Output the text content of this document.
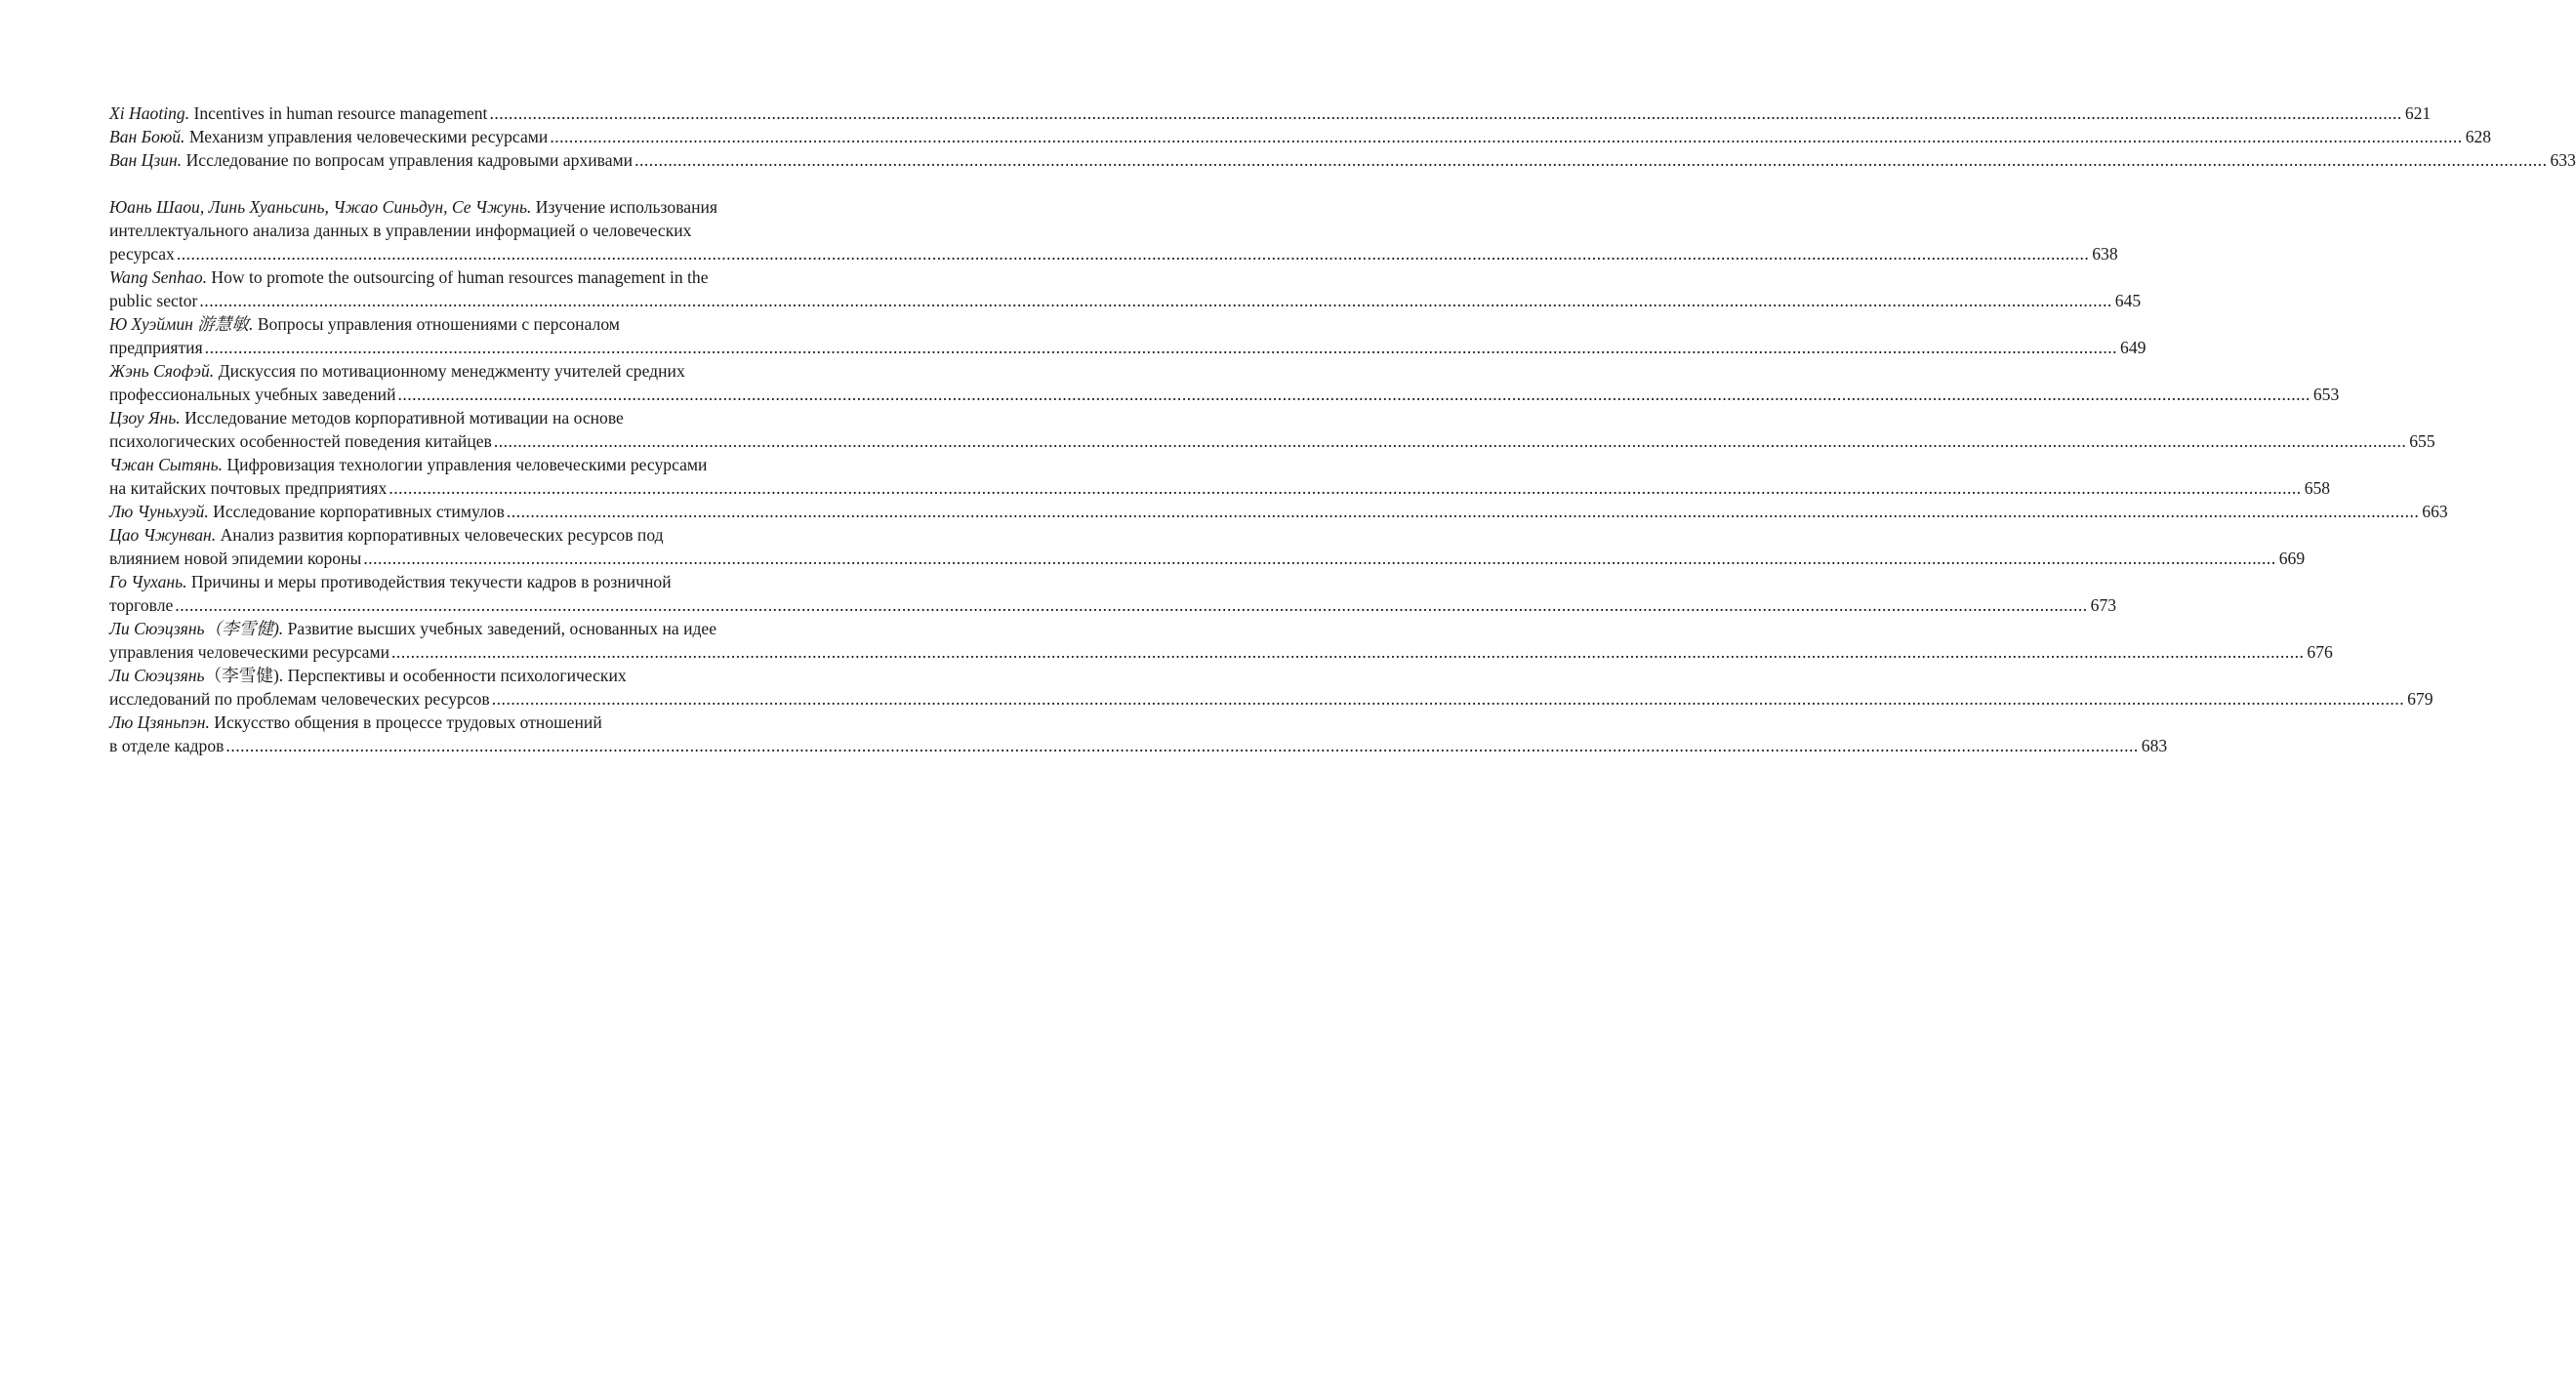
Xi Haoting. Incentives in human resource management ................................................................................................................................................................................................................................................................................................................................................................................................................ 621
Ван Боюй. Механизм управления человеческими ресурсами ................................................................................................................................................................................................................................................................................................................................................................................................................ 628
Ван Цзин. Исследование по вопросам управления кадровыми архивами ................................................................................................................................................................................................................................................................................................................................................................................................................ 633
Юань Шаои, Линь Хуаньсинь, Чжао Синьдун, Се Чжунь. Изучение использования
интеллектуального анализа данных в управлении информацией о человеческих
ресурсах ................................................................................................................................................................................................................................................................................................................................................................................................................ 638
Wang Senhao. How to promote the outsourcing of human resources management in the
public sector ................................................................................................................................................................................................................................................................................................................................................................................................................ 645
Ю Хуэймин 游慧敏. Вопросы управления отношениями с персоналом
предприятия ................................................................................................................................................................................................................................................................................................................................................................................................................ 649
Жэнь Сяофэй. Дискуссия по мотивационному менеджменту учителей средних
профессиональных учебных заведений ................................................................................................................................................................................................................................................................................................................................................................................................................ 653
Цзоу Янь. Исследование методов корпоративной мотивации на основе
психологических особенностей поведения китайцев ................................................................................................................................................................................................................................................................................................................................................................................................................ 655
Чжан Сытянь. Цифровизация технологии управления человеческими ресурсами
на китайских почтовых предприятиях ................................................................................................................................................................................................................................................................................................................................................................................................................ 658
Лю Чуньхуэй. Исследование корпоративных стимулов ................................................................................................................................................................................................................................................................................................................................................................................................................ 663
Цао Чжунван. Анализ развития корпоративных человеческих ресурсов под
влиянием новой эпидемии короны ................................................................................................................................................................................................................................................................................................................................................................................................................ 669
Го Чухань. Причины и меры противодействия текучести кадров в розничной
торговле ................................................................................................................................................................................................................................................................................................................................................................................................................ 673
Ли Сюэцзянь（李雪健). Развитие высших учебных заведений, основанных на идее
управления человеческими ресурсами ................................................................................................................................................................................................................................................................................................................................................................................................................ 676
Ли Сюэцзянь（李雪健). Перспективы и особенности психологических
исследований по проблемам человеческих ресурсов ................................................................................................................................................................................................................................................................................................................................................................................................................ 679
Лю Цзяньпэн. Искусство общения в процессе трудовых отношений
в отделе кадров ................................................................................................................................................................................................................................................................................................................................................................................................................ 683
